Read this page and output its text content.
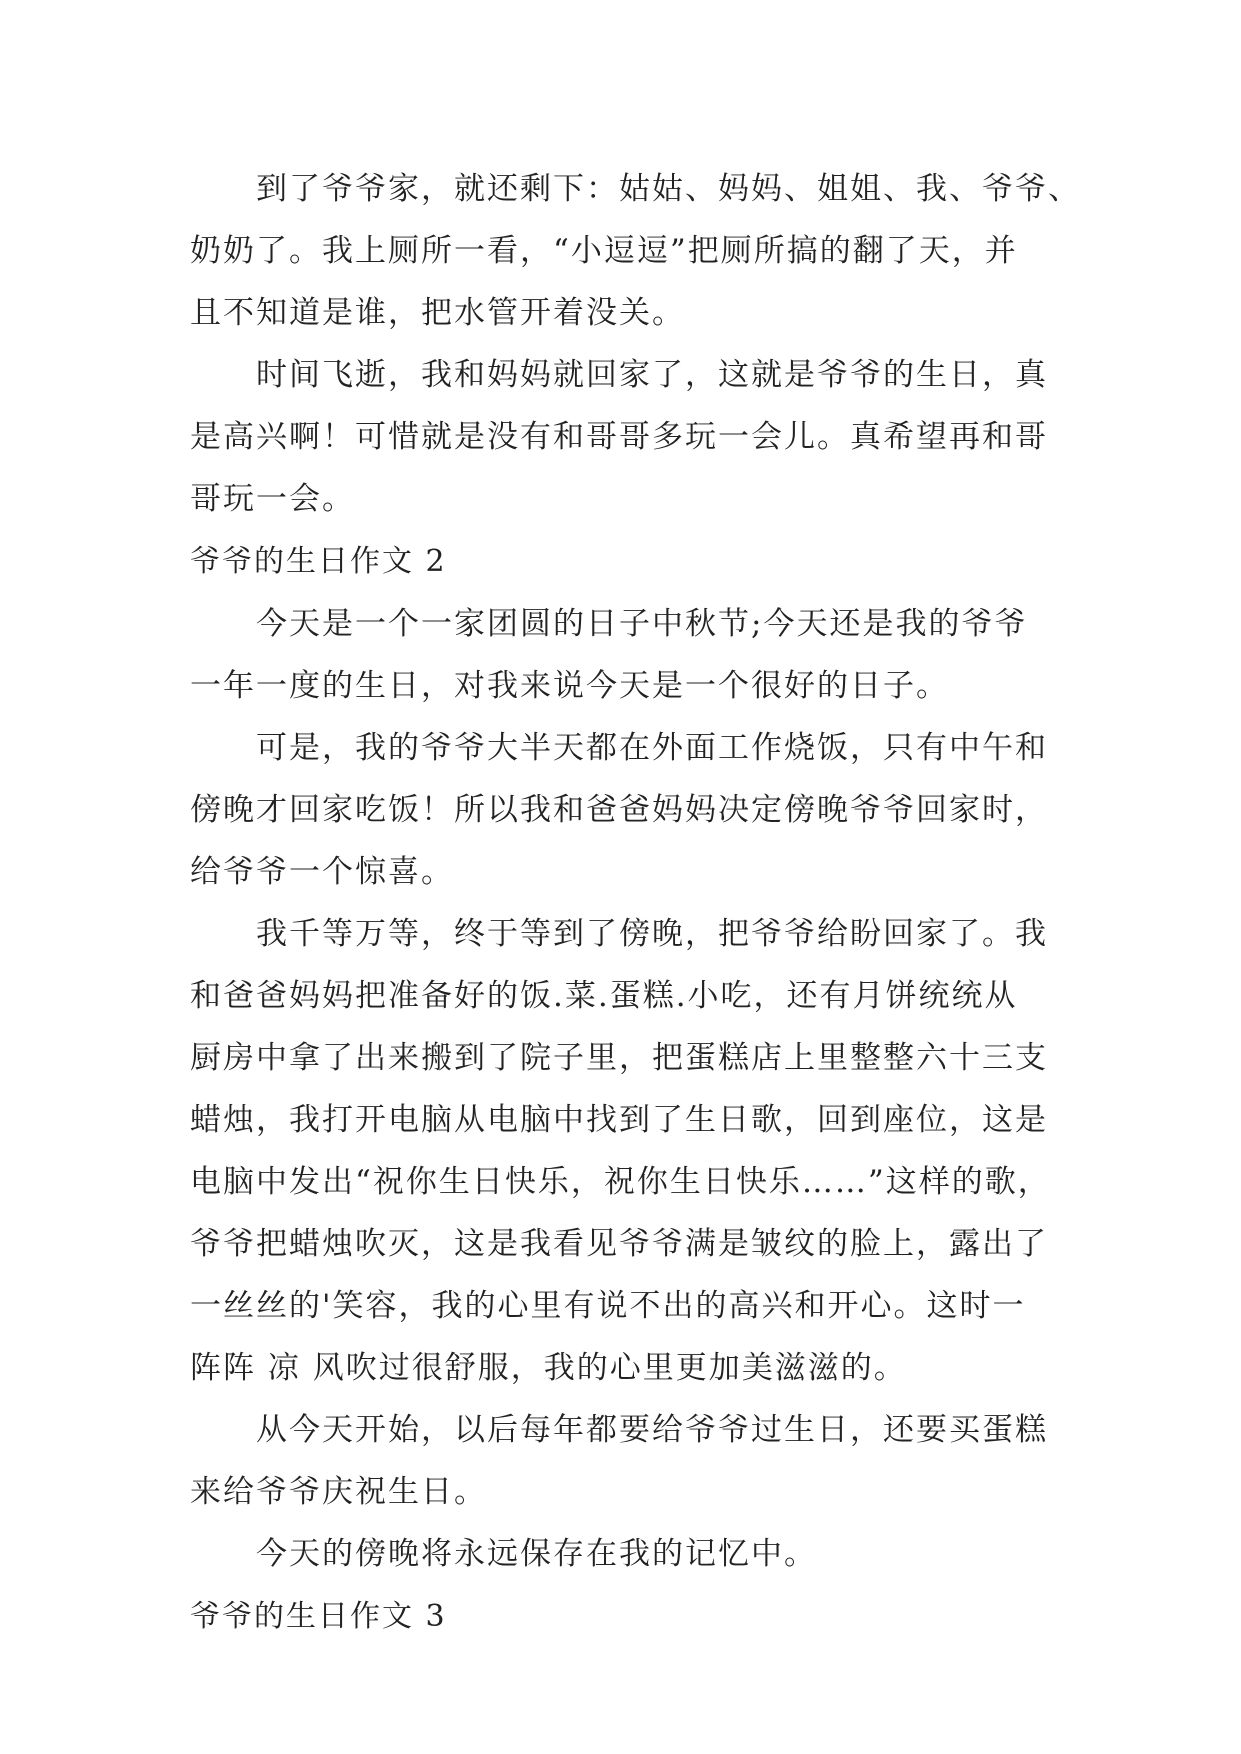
到了爷爷家，就还剩下：姑姑、妈妈、姐姐、我、爷爷、
奶奶了。我上厕所一看，“小逗逗”把厕所搞的翻了天，并
且不知道是谁，把水管开着没关。
时间飞逝，我和妈妈就回家了，这就是爷爷的生日，真
是高兴啊！可惜就是没有和哥哥多玩一会儿。真希望再和哥
哥玩一会。
爷爷的生日作文 2
今天是一个一家团圆的日子中秋节;今天还是我的爷爷
一年一度的生日，对我来说今天是一个很好的日子。
可是，我的爷爷大半天都在外面工作烧饭，只有中午和
傍晚才回家吃饭！所以我和爸爸妈妈决定傍晚爷爷回家时，
给爷爷一个惊喜。
我千等万等，终于等到了傍晚，把爷爷给盼回家了。我
和爸爸妈妈把准备好的饭.菜.蛋糕.小吃，还有月饼统统从
厨房中拿了出来搬到了院子里，把蛋糕店上里整整六十三支
蜡烛，我打开电脑从电脑中找到了生日歌，回到座位，这是
电脑中发出“祝你生日快乐，祝你生日快乐……”这样的歌，
爷爷把蜡烛吹灭，这是我看见爷爷满是皱纹的脸上，露出了
一丝丝的'笑容，我的心里有说不出的高兴和开心。这时一
阵阵 凉 风吹过很舒服，我的心里更加美滋滋的。
从今天开始，以后每年都要给爷爷过生日，还要买蛋糕
来给爷爷庆祝生日。
今天的傍晚将永远保存在我的记忆中。
爷爷的生日作文 3
